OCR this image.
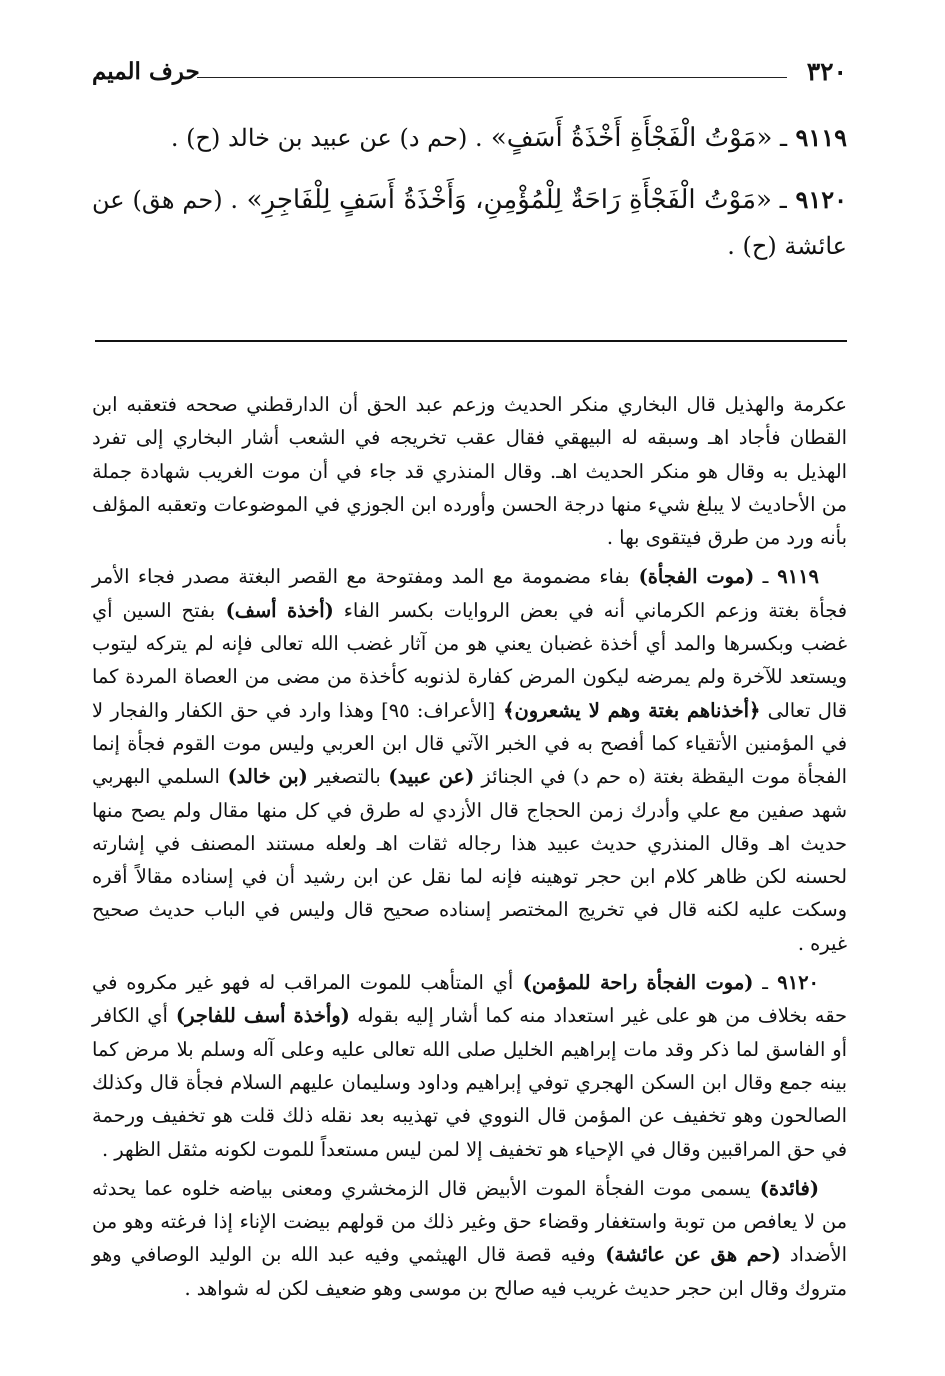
٣٢٠
حرف الميم

٩١١٩ ـ «مَوْتُ الْفَجْأَةِ أَخْذَةُ أَسَفٍ» . (حم د) عن عبيد بن خالد (ح) .

٩١٢٠ ـ «مَوْتُ الْفَجْأَةِ رَاحَةٌ لِلْمُؤْمِنِ، وَأَخْذَةُ أَسَفٍ لِلْفَاجِرِ» . (حم هق) عن عائشة (ح) .

عكرمة والهذيل قال البخاري منكر الحديث وزعم عبد الحق أن الدارقطني صححه فتعقبه ابن القطان فأجاد اهـ وسبقه له البيهقي فقال عقب تخريجه في الشعب أشار البخاري إلى تفرد الهذيل به وقال هو منكر الحديث اهـ. وقال المنذري قد جاء في أن موت الغريب شهادة جملة من الأحاديث لا يبلغ شيء منها درجة الحسن وأورده ابن الجوزي في الموضوعات وتعقبه المؤلف بأنه ورد من طرق فيتقوى بها .

٩١١٩ ـ (موت الفجأة) بفاء مضمومة مع المد ومفتوحة مع القصر البغتة مصدر فجاء الأمر فجأة بغتة وزعم الكرماني أنه في بعض الروايات بكسر الفاء (أخذة أسف) بفتح السين أي غضب وبكسرها والمد أي أخذة غضبان يعني هو من آثار غضب الله تعالى فإنه لم يتركه ليتوب ويستعد للآخرة ولم يمرضه ليكون المرض كفارة لذنوبه كأخذة من مضى من العصاة المردة كما قال تعالى ﴿أخذناهم بغتة وهم لا يشعرون﴾ [الأعراف: ٩٥] وهذا وارد في حق الكفار والفجار لا في المؤمنين الأتقياء كما أفصح به في الخبر الآتي قال ابن العربي وليس موت القوم فجأة إنما الفجأة موت اليقظة بغتة (ه حم د) في الجنائز (عن عبيد) بالتصغير (بن خالد) السلمي البهربي شهد صفين مع علي وأدرك زمن الحجاج قال الأزدي له طرق في كل منها مقال ولم يصح منها حديث اهـ وقال المنذري حديث عبيد هذا رجاله ثقات اهـ ولعله مستند المصنف في إشارته لحسنه لكن ظاهر كلام ابن حجر توهينه فإنه لما نقل عن ابن رشيد أن في إسناده مقالاً أقره وسكت عليه لكنه قال في تخريج المختصر إسناده صحيح قال وليس في الباب حديث صحيح غيره .

٩١٢٠ ـ (موت الفجأة راحة للمؤمن) أي المتأهب للموت المراقب له فهو غير مكروه في حقه بخلاف من هو على غير استعداد منه كما أشار إليه بقوله (وأخذة أسف للفاجر) أي الكافر أو الفاسق لما ذكر وقد مات إبراهيم الخليل صلى الله تعالى عليه وعلى آله وسلم بلا مرض كما بينه جمع وقال ابن السكن الهجري توفي إبراهيم وداود وسليمان عليهم السلام فجأة قال وكذلك الصالحون وهو تخفيف عن المؤمن قال النووي في تهذيبه بعد نقله ذلك قلت هو تخفيف ورحمة في حق المراقبين وقال في الإحياء هو تخفيف إلا لمن ليس مستعداً للموت لكونه مثقل الظهر .

(فائدة) يسمى موت الفجأة الموت الأبيض قال الزمخشري ومعنى بياضه خلوه عما يحدثه من لا يعافص من توبة واستغفار وقضاء حق وغير ذلك من قولهم بيضت الإناء إذا فرغته وهو من الأضداد (حم هق عن عائشة) وفيه قصة قال الهيثمي وفيه عبد الله بن الوليد الوصافي وهو متروك وقال ابن حجر حديث غريب فيه صالح بن موسى وهو ضعيف لكن له شواهد .
